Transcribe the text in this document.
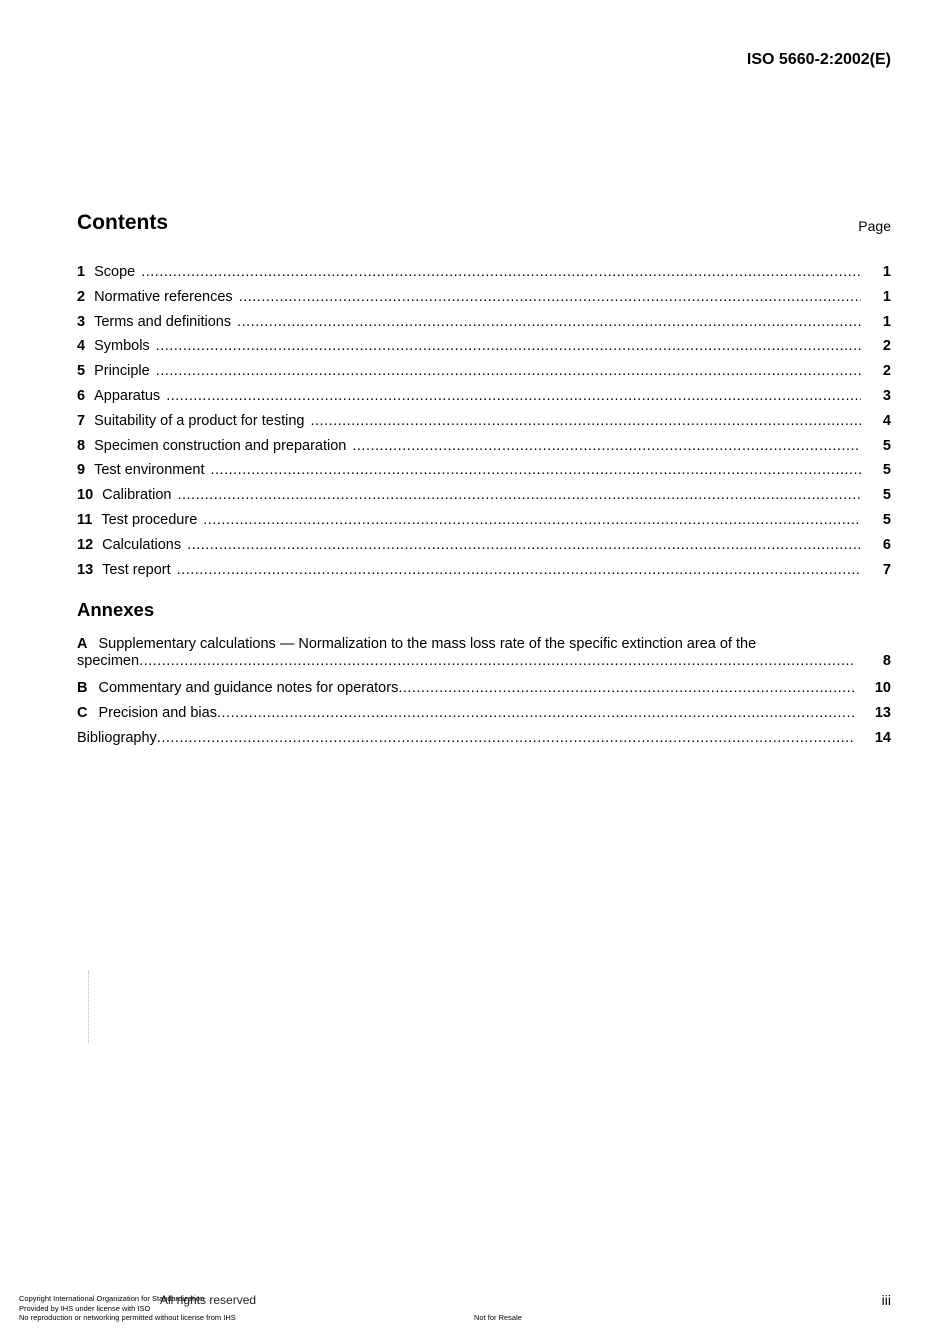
ISO 5660-2:2002(E)
Contents	Page
1 Scope .....	1
2 Normative references .....	1
3 Terms and definitions .....	1
4 Symbols .....	2
5 Principle .....	2
6 Apparatus .....	3
7 Suitability of a product for testing .....	4
8 Specimen construction and preparation .....	5
9 Test environment .....	5
10 Calibration .....	5
11 Test procedure .....	5
12 Calculations .....	6
13 Test report .....	7
Annexes
A Supplementary calculations — Normalization to the mass loss rate of the specific extinction area of the
specimen .....	8
B Commentary and guidance notes for operators .....	10
C Precision and bias .....	13
Bibliography .....	14
All rights reserved
Copyright International Organization for Standardization
Provided by IHS under license with ISO
No reproduction or networking permitted without license from IHS	Not for Resale
iii
